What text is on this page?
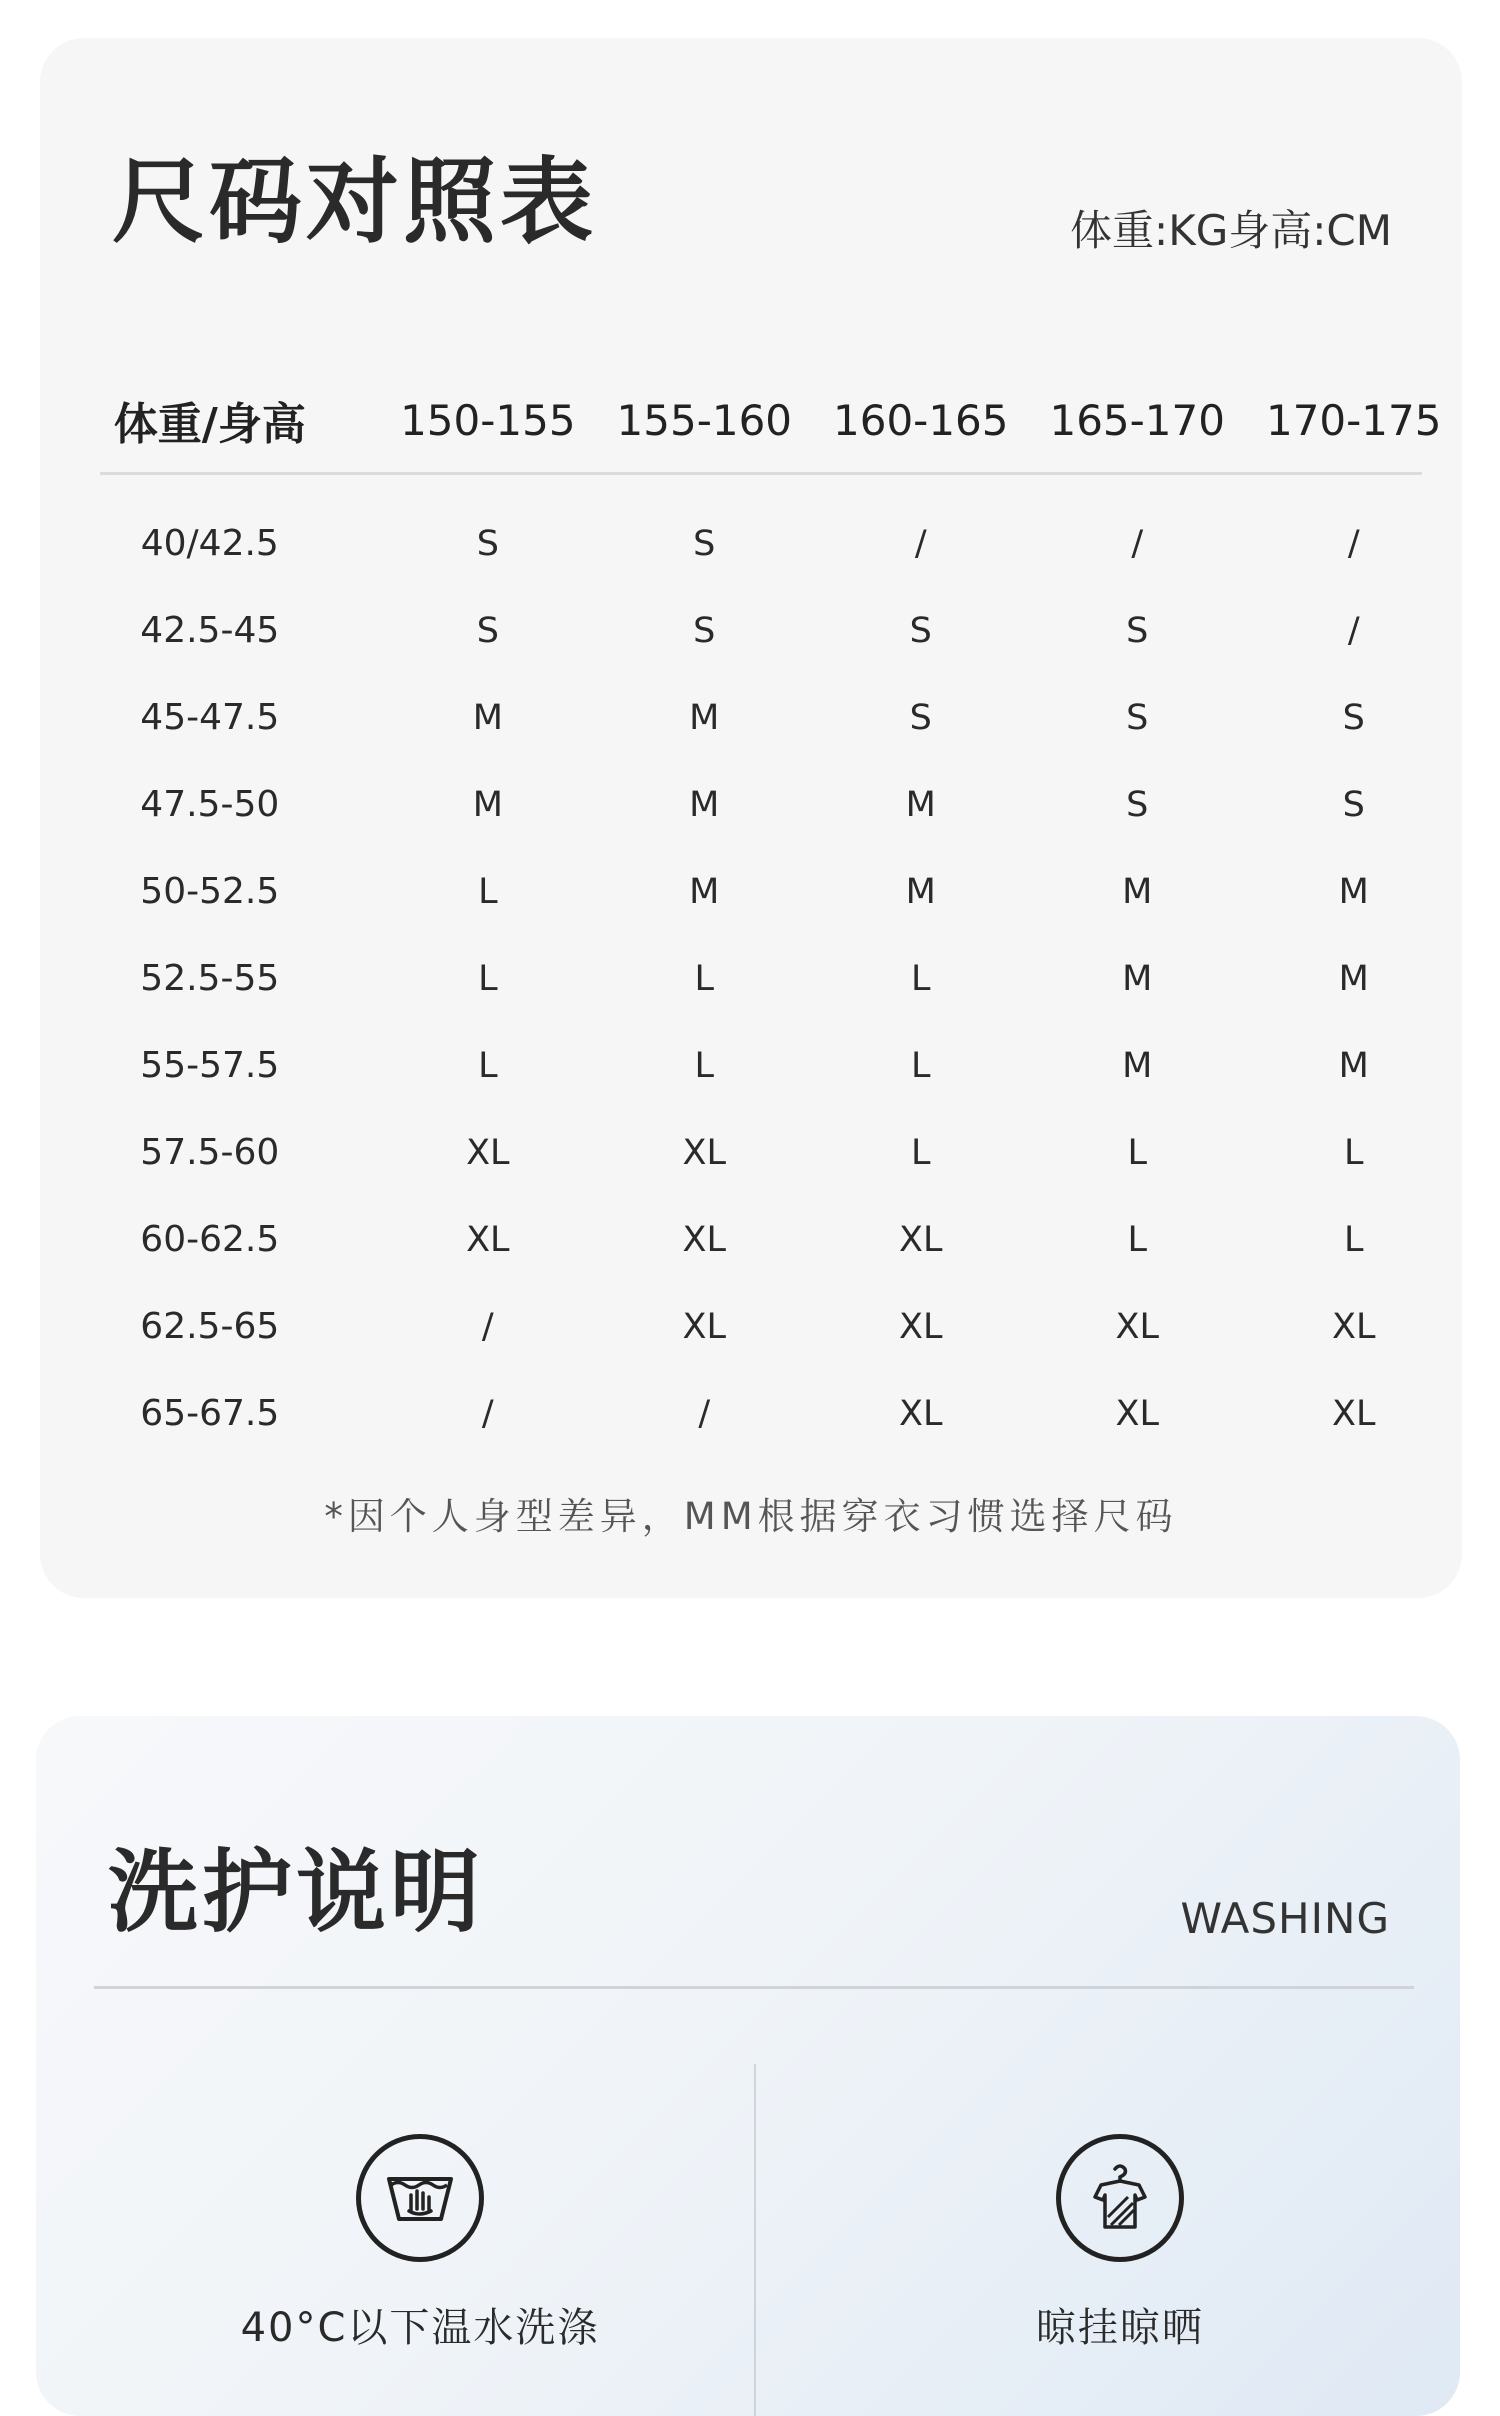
尺码对照表	体重:KG身高:CM
体重/身高	150-155	155-160	160-165	165-170	170-175

40/42.5	S	S	/	/	/
42.5-45	S	S	S	S	/
45-47.5	M	M	S	S	S
47.5-50	M	M	M	S	S
50-52.5	L	M	M	M	M
52.5-55	L	L	L	M	M
55-57.5	L	L	L	M	M
57.5-60	XL	XL	L	L	L
60-62.5	XL	XL	XL	L	L
62.5-65	/	XL	XL	XL	XL
65-67.5	/	/	XL	XL	XL
*因个人身型差异，MM根据穿衣习惯选择尺码
洗护说明	WASHING
40°C以下温水洗涤	晾挂晾晒
